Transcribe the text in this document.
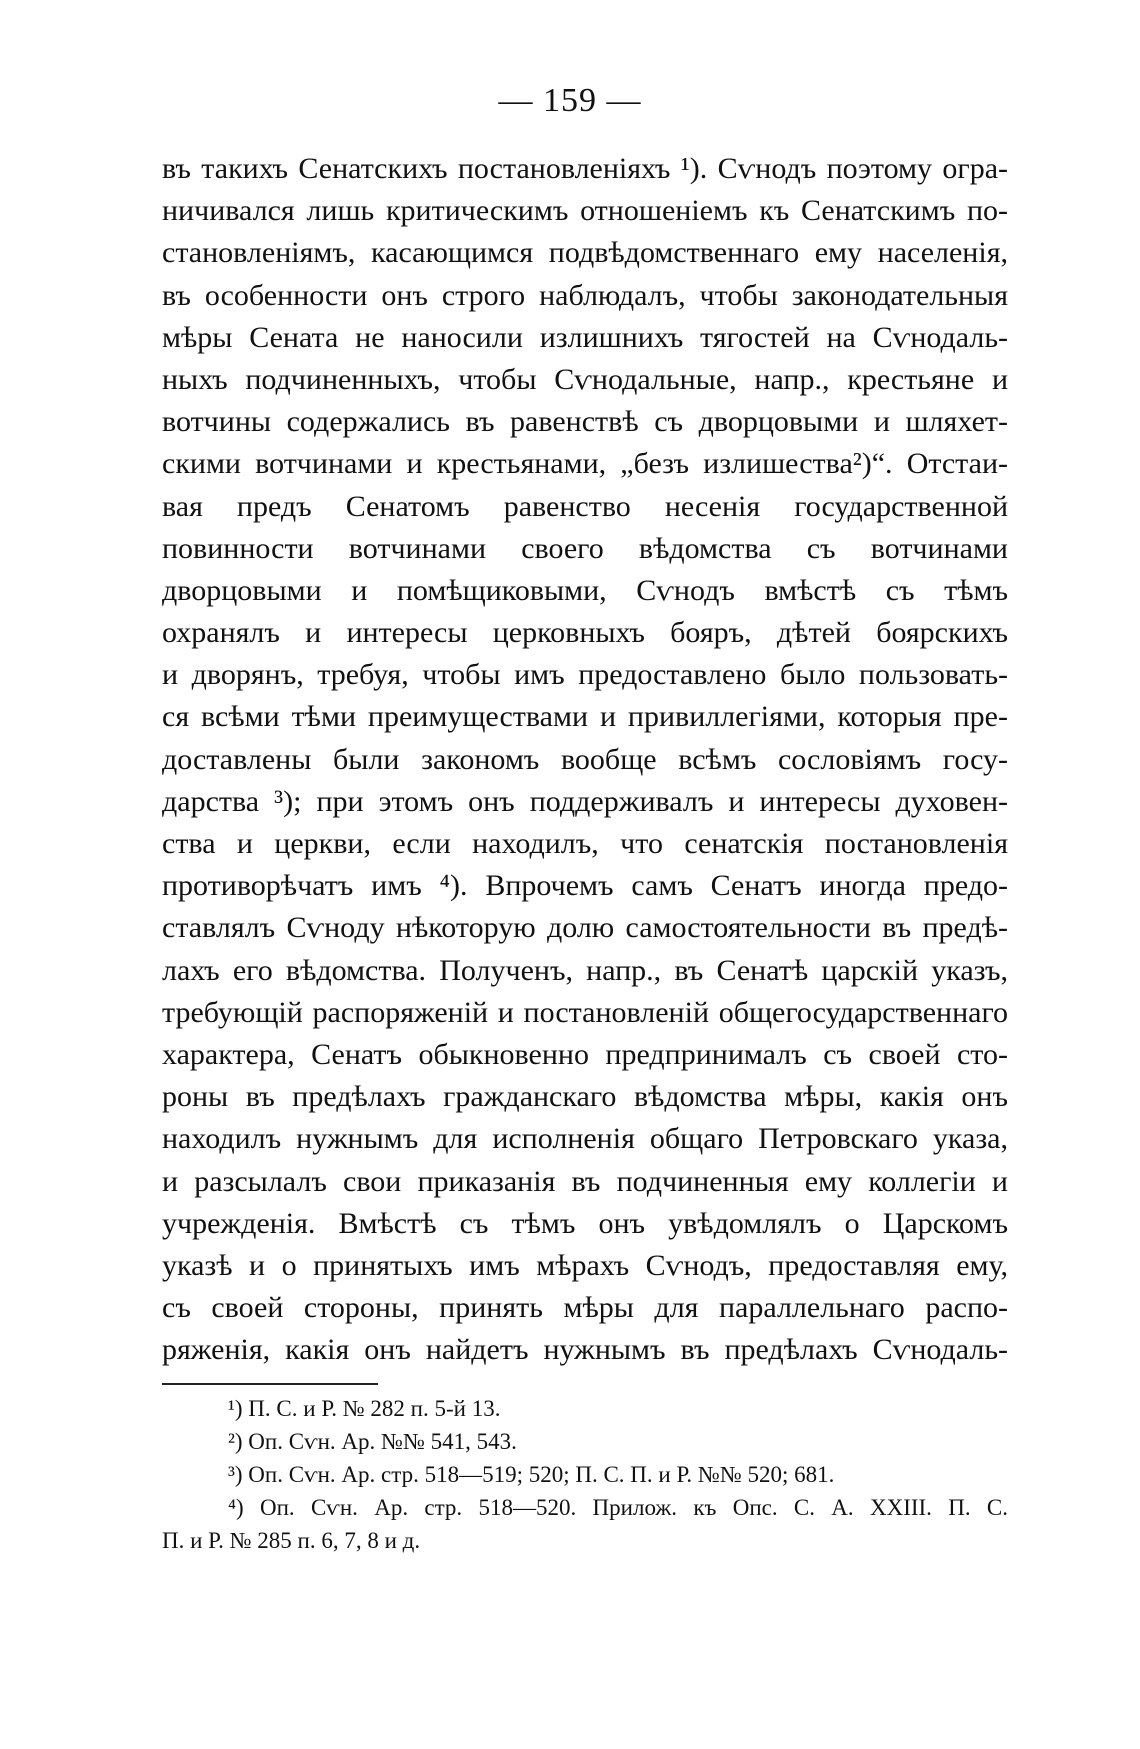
— 159 —
въ такихъ Сенатскихъ постановленiяхъ ¹). Сѵнодъ поэтому огра-
ничивался лишь критическимъ отношенiемъ къ Сенатскимъ по-
становленiямъ, касающимся подвѣдомственнаго ему населенiя,
въ особенности онъ строго наблюдалъ, чтобы законодательныя
мѣры Сената не наносили излишнихъ тягостей на Сѵнодаль-
ныхъ подчиненныхъ, чтобы Сѵнодальные, напр., крестьяне и
вотчины содержались въ равенствѣ съ дворцовыми и шляхет-
скими вотчинами и крестьянами, „безъ излишества²)“. Отстаи-
вая предъ Сенатомъ равенство несенiя государственной
повинности вотчинами своего вѣдомства съ вотчинами
дворцовыми и помѣщиковыми, Сѵнодъ вмѣстѣ съ тѣмъ
охранялъ и интересы церковныхъ бояръ, дѣтей боярскихъ
и дворянъ, требуя, чтобы имъ предоставлено было пользовать-
ся всѣми тѣми преимуществами и привиллегiями, которыя пре-
доставлены были закономъ вообще всѣмъ сословiямъ госу-
дарства ³); при этомъ онъ поддерживалъ и интересы духовен-
ства и церкви, если находилъ, что сенатскiя постановленiя
противорѣчатъ имъ ⁴). Впрочемъ самъ Сенатъ иногда предо-
ставлялъ Сѵноду нѣкоторую долю самостоятельности въ предѣ-
лахъ его вѣдомства. Полученъ, напр., въ Сенатѣ царскiй указъ,
требующiй распоряженiй и постановленiй общегосударственнаго
характера, Сенатъ обыкновенно предпринималъ съ своей сто-
роны въ предѣлахъ гражданскаго вѣдомства мѣры, какiя онъ
находилъ нужнымъ для исполненiя общаго Петровскаго указа,
и разсылалъ свои приказанiя въ подчиненныя ему коллегiи и
учрежденiя. Вмѣстѣ съ тѣмъ онъ увѣдомлялъ о Царскомъ
указѣ и о принятыхъ имъ мѣрахъ Сѵнодъ, предоставляя ему,
съ своей стороны, принять мѣры для параллельнаго распо-
ряженiя, какiя онъ найдетъ нужнымъ въ предѣлахъ Сѵнодаль-
¹) П. С. и Р. № 282 п. 5-й 13.
²) Оп. Сѵн. Ар. №№ 541, 543.
³) Оп. Сѵн. Ар. стр. 518—519; 520; П. С. П. и Р. №№ 520; 681.
⁴) Оп. Сѵн. Ар. стр. 518—520. Прилож. къ Опс. С. А. XXIII. П. С.
П. и Р. № 285 п. 6, 7, 8 и д.
